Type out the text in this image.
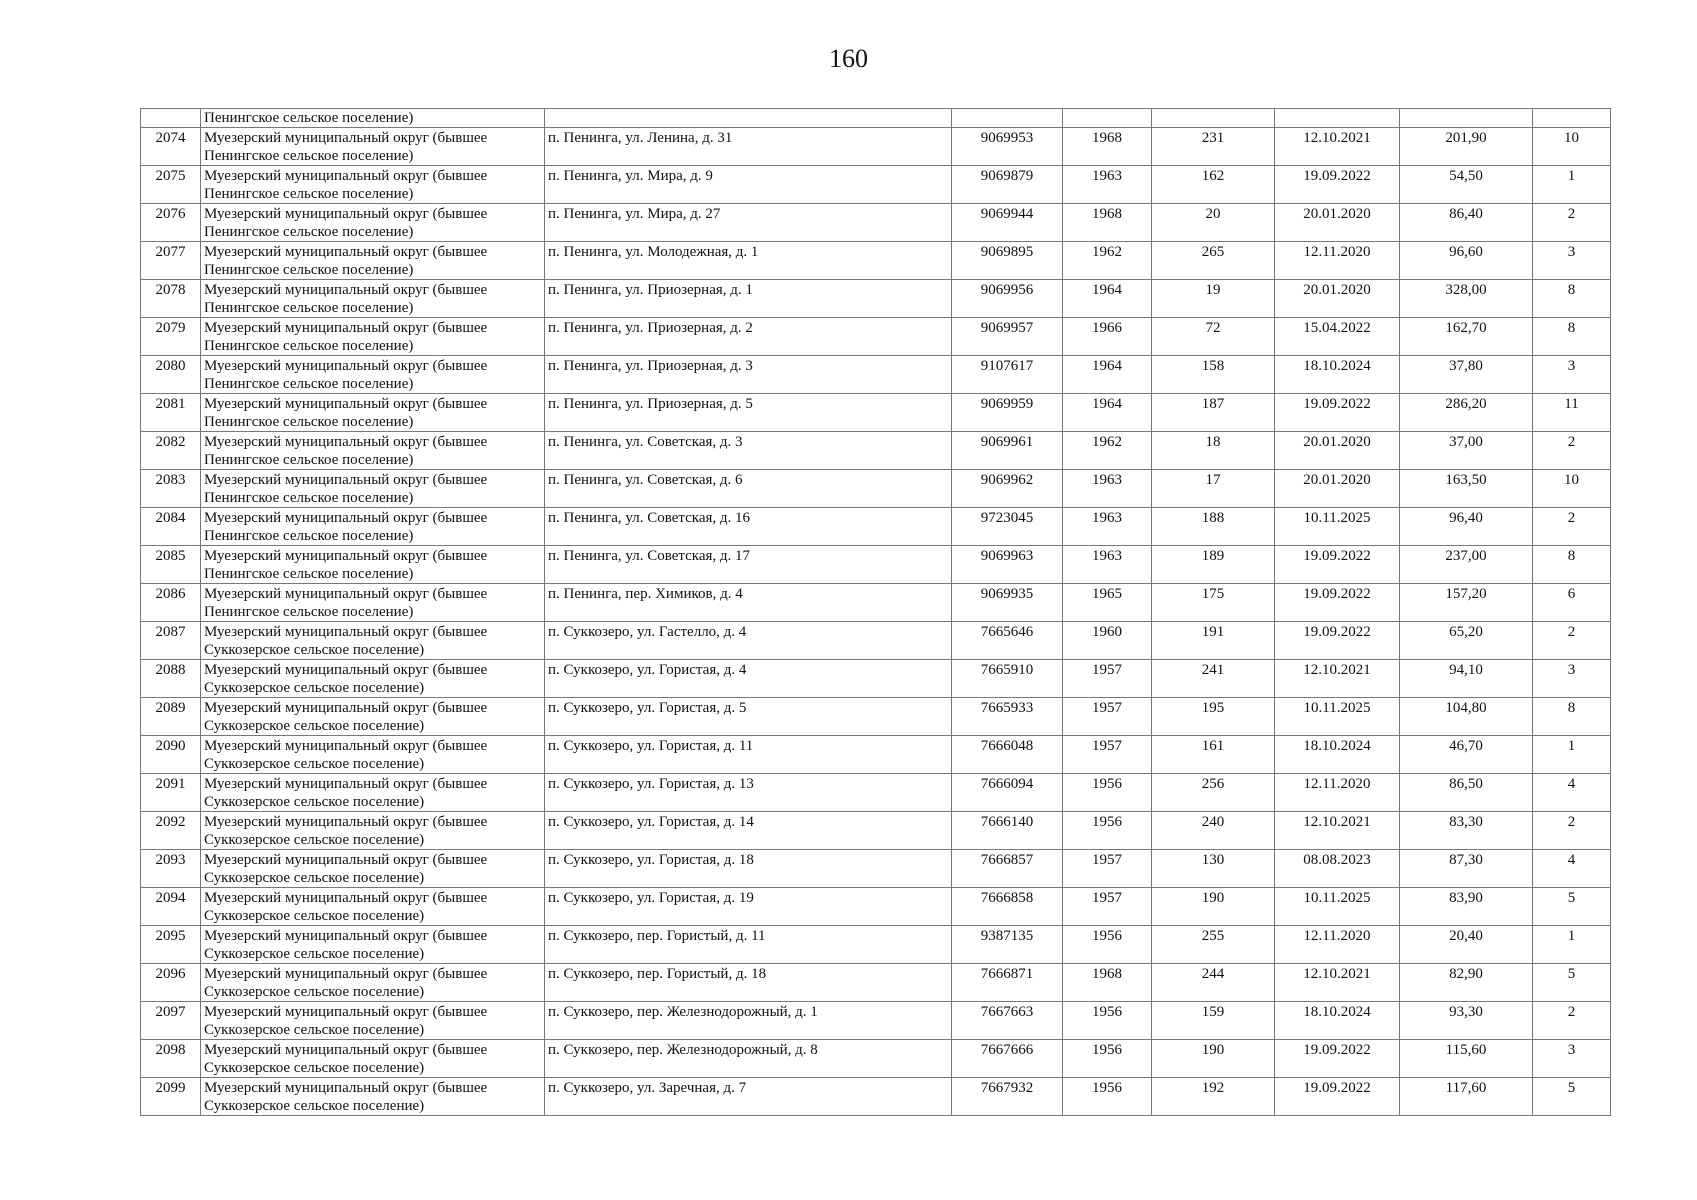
160
	Пенингское сельское поселение)							
2074	Муезерский муниципальный округ (бывшее Пенингское сельское поселение)	п. Пенинга, ул. Ленина, д. 31	9069953	1968	231	12.10.2021	201,90	10
2075	Муезерский муниципальный округ (бывшее Пенингское сельское поселение)	п. Пенинга, ул. Мира, д. 9	9069879	1963	162	19.09.2022	54,50	1
2076	Муезерский муниципальный округ (бывшее Пенингское сельское поселение)	п. Пенинга, ул. Мира, д. 27	9069944	1968	20	20.01.2020	86,40	2
2077	Муезерский муниципальный округ (бывшее Пенингское сельское поселение)	п. Пенинга, ул. Молодежная, д. 1	9069895	1962	265	12.11.2020	96,60	3
2078	Муезерский муниципальный округ (бывшее Пенингское сельское поселение)	п. Пенинга, ул. Приозерная, д. 1	9069956	1964	19	20.01.2020	328,00	8
2079	Муезерский муниципальный округ (бывшее Пенингское сельское поселение)	п. Пенинга, ул. Приозерная, д. 2	9069957	1966	72	15.04.2022	162,70	8
2080	Муезерский муниципальный округ (бывшее Пенингское сельское поселение)	п. Пенинга, ул. Приозерная, д. 3	9107617	1964	158	18.10.2024	37,80	3
2081	Муезерский муниципальный округ (бывшее Пенингское сельское поселение)	п. Пенинга, ул. Приозерная, д. 5	9069959	1964	187	19.09.2022	286,20	11
2082	Муезерский муниципальный округ (бывшее Пенингское сельское поселение)	п. Пенинга, ул. Советская, д. 3	9069961	1962	18	20.01.2020	37,00	2
2083	Муезерский муниципальный округ (бывшее Пенингское сельское поселение)	п. Пенинга, ул. Советская, д. 6	9069962	1963	17	20.01.2020	163,50	10
2084	Муезерский муниципальный округ (бывшее Пенингское сельское поселение)	п. Пенинга, ул. Советская, д. 16	9723045	1963	188	10.11.2025	96,40	2
2085	Муезерский муниципальный округ (бывшее Пенингское сельское поселение)	п. Пенинга, ул. Советская, д. 17	9069963	1963	189	19.09.2022	237,00	8
2086	Муезерский муниципальный округ (бывшее Пенингское сельское поселение)	п. Пенинга, пер. Химиков, д. 4	9069935	1965	175	19.09.2022	157,20	6
2087	Муезерский муниципальный округ (бывшее Суккозерское сельское поселение)	п. Суккозеро, ул. Гастелло, д. 4	7665646	1960	191	19.09.2022	65,20	2
2088	Муезерский муниципальный округ (бывшее Суккозерское сельское поселение)	п. Суккозеро, ул. Гористая, д. 4	7665910	1957	241	12.10.2021	94,10	3
2089	Муезерский муниципальный округ (бывшее Суккозерское сельское поселение)	п. Суккозеро, ул. Гористая, д. 5	7665933	1957	195	10.11.2025	104,80	8
2090	Муезерский муниципальный округ (бывшее Суккозерское сельское поселение)	п. Суккозеро, ул. Гористая, д. 11	7666048	1957	161	18.10.2024	46,70	1
2091	Муезерский муниципальный округ (бывшее Суккозерское сельское поселение)	п. Суккозеро, ул. Гористая, д. 13	7666094	1956	256	12.11.2020	86,50	4
2092	Муезерский муниципальный округ (бывшее Суккозерское сельское поселение)	п. Суккозеро, ул. Гористая, д. 14	7666140	1956	240	12.10.2021	83,30	2
2093	Муезерский муниципальный округ (бывшее Суккозерское сельское поселение)	п. Суккозеро, ул. Гористая, д. 18	7666857	1957	130	08.08.2023	87,30	4
2094	Муезерский муниципальный округ (бывшее Суккозерское сельское поселение)	п. Суккозеро, ул. Гористая, д. 19	7666858	1957	190	10.11.2025	83,90	5
2095	Муезерский муниципальный округ (бывшее Суккозерское сельское поселение)	п. Суккозеро, пер. Гористый, д. 11	9387135	1956	255	12.11.2020	20,40	1
2096	Муезерский муниципальный округ (бывшее Суккозерское сельское поселение)	п. Суккозеро, пер. Гористый, д. 18	7666871	1968	244	12.10.2021	82,90	5
2097	Муезерский муниципальный округ (бывшее Суккозерское сельское поселение)	п. Суккозеро, пер. Железнодорожный, д. 1	7667663	1956	159	18.10.2024	93,30	2
2098	Муезерский муниципальный округ (бывшее Суккозерское сельское поселение)	п. Суккозеро, пер. Железнодорожный, д. 8	7667666	1956	190	19.09.2022	115,60	3
2099	Муезерский муниципальный округ (бывшее Суккозерское сельское поселение)	п. Суккозеро, ул. Заречная, д. 7	7667932	1956	192	19.09.2022	117,60	5
